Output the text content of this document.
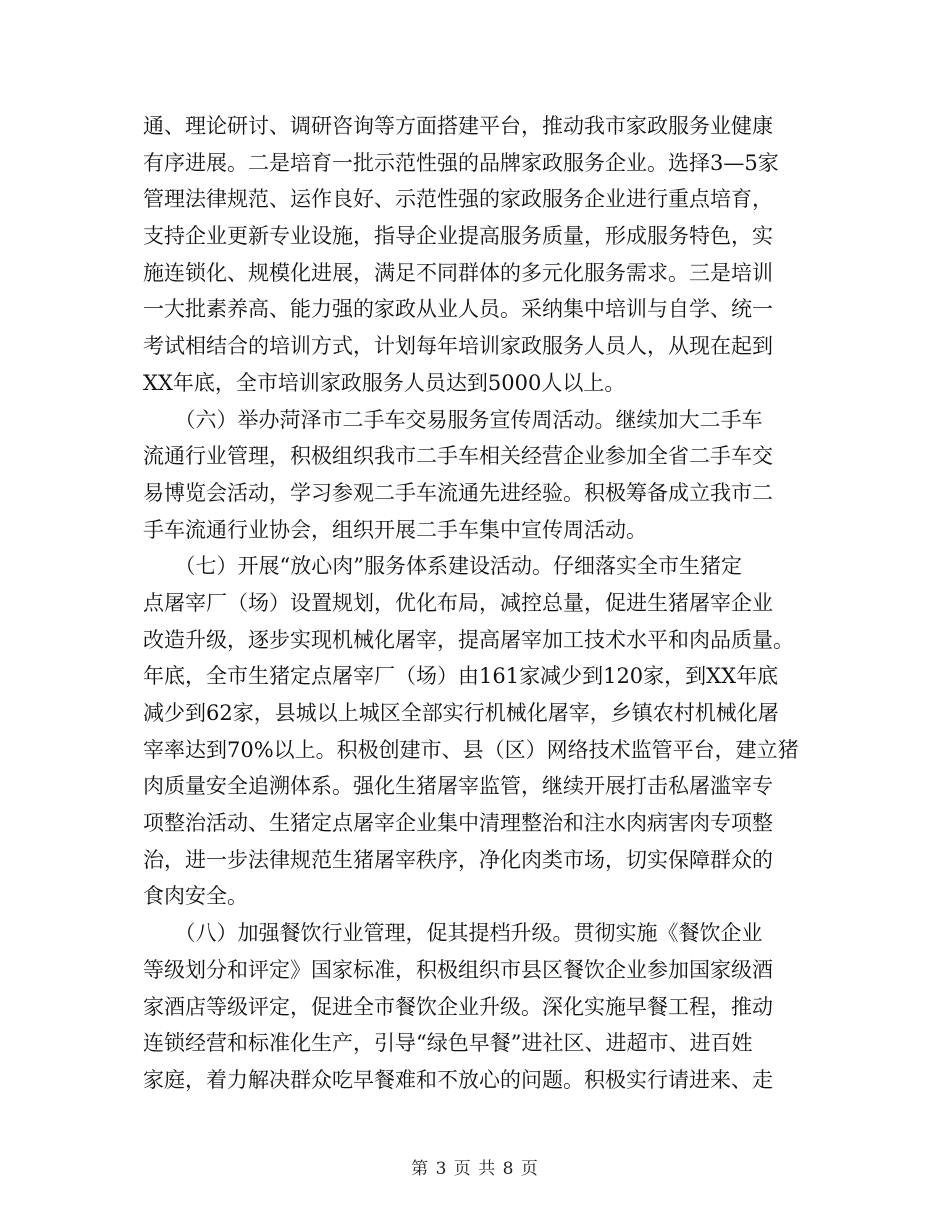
通、理论研讨、调研咨询等方面搭建平台，推动我市家政服务业健康
有序进展。二是培育一批示范性强的品牌家政服务企业。选择3—5家
管理法律规范、运作良好、示范性强的家政服务企业进行重点培育，
支持企业更新专业设施，指导企业提高服务质量，形成服务特色，实
施连锁化、规模化进展，满足不同群体的多元化服务需求。三是培训
一大批素养高、能力强的家政从业人员。采纳集中培训与自学、统一
考试相结合的培训方式，计划每年培训家政服务人员人，从现在起到
XX年底，全市培训家政服务人员达到5000人以上。
　　（六）举办菏泽市二手车交易服务宣传周活动。继续加大二手车
流通行业管理，积极组织我市二手车相关经营企业参加全省二手车交
易博览会活动，学习参观二手车流通先进经验。积极筹备成立我市二
手车流通行业协会，组织开展二手车集中宣传周活动。
　　（七）开展“放心肉”服务体系建设活动。仔细落实全市生猪定
点屠宰厂（场）设置规划，优化布局，减控总量，促进生猪屠宰企业
改造升级，逐步实现机械化屠宰，提高屠宰加工技术水平和肉品质量。
年底，全市生猪定点屠宰厂（场）由161家减少到120家，到XX年底
减少到62家，县城以上城区全部实行机械化屠宰，乡镇农村机械化屠
宰率达到70%以上。积极创建市、县（区）网络技术监管平台，建立猪
肉质量安全追溯体系。强化生猪屠宰监管，继续开展打击私屠滥宰专
项整治活动、生猪定点屠宰企业集中清理整治和注水肉病害肉专项整
治，进一步法律规范生猪屠宰秩序，净化肉类市场，切实保障群众的
食肉安全。
　　（八）加强餐饮行业管理，促其提档升级。贯彻实施《餐饮企业
等级划分和评定》国家标准，积极组织市县区餐饮企业参加国家级酒
家酒店等级评定，促进全市餐饮企业升级。深化实施早餐工程，推动
连锁经营和标准化生产，引导“绿色早餐”进社区、进超市、进百姓
家庭，着力解决群众吃早餐难和不放心的问题。积极实行请进来、走
第 3 页 共 8 页
